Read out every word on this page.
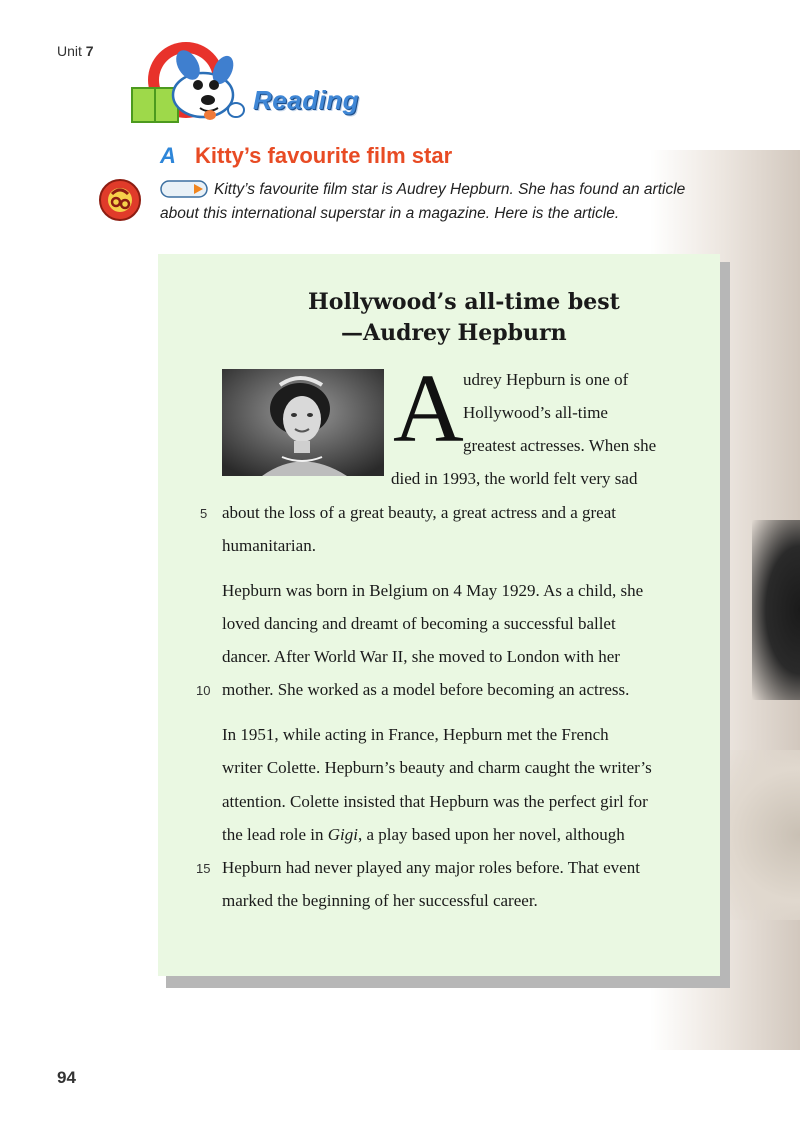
Unit 7
Reading
A Kitty’s favourite film star
Kitty’s favourite film star is Audrey Hepburn. She has found an article about this international superstar in a magazine. Here is the article.
Hollywood’s all-time best
—Audrey Hepburn
A udrey Hepburn is one of
Hollywood’s all-time
greatest actresses. When she
died in 1993, the world felt very sad
about the loss of a great beauty, a great actress and a great
humanitarian.
Hepburn was born in Belgium on 4 May 1929. As a child, she
loved dancing and dreamt of becoming a successful ballet
dancer. After World War II, she moved to London with her
mother. She worked as a model before becoming an actress.
In 1951, while acting in France, Hepburn met the French
writer Colette. Hepburn’s beauty and charm caught the writer’s
attention. Colette insisted that Hepburn was the perfect girl for
the lead role in Gigi, a play based upon her novel, although
Hepburn had never played any major roles before. That event
marked the beginning of her successful career.
5
10
15
94
